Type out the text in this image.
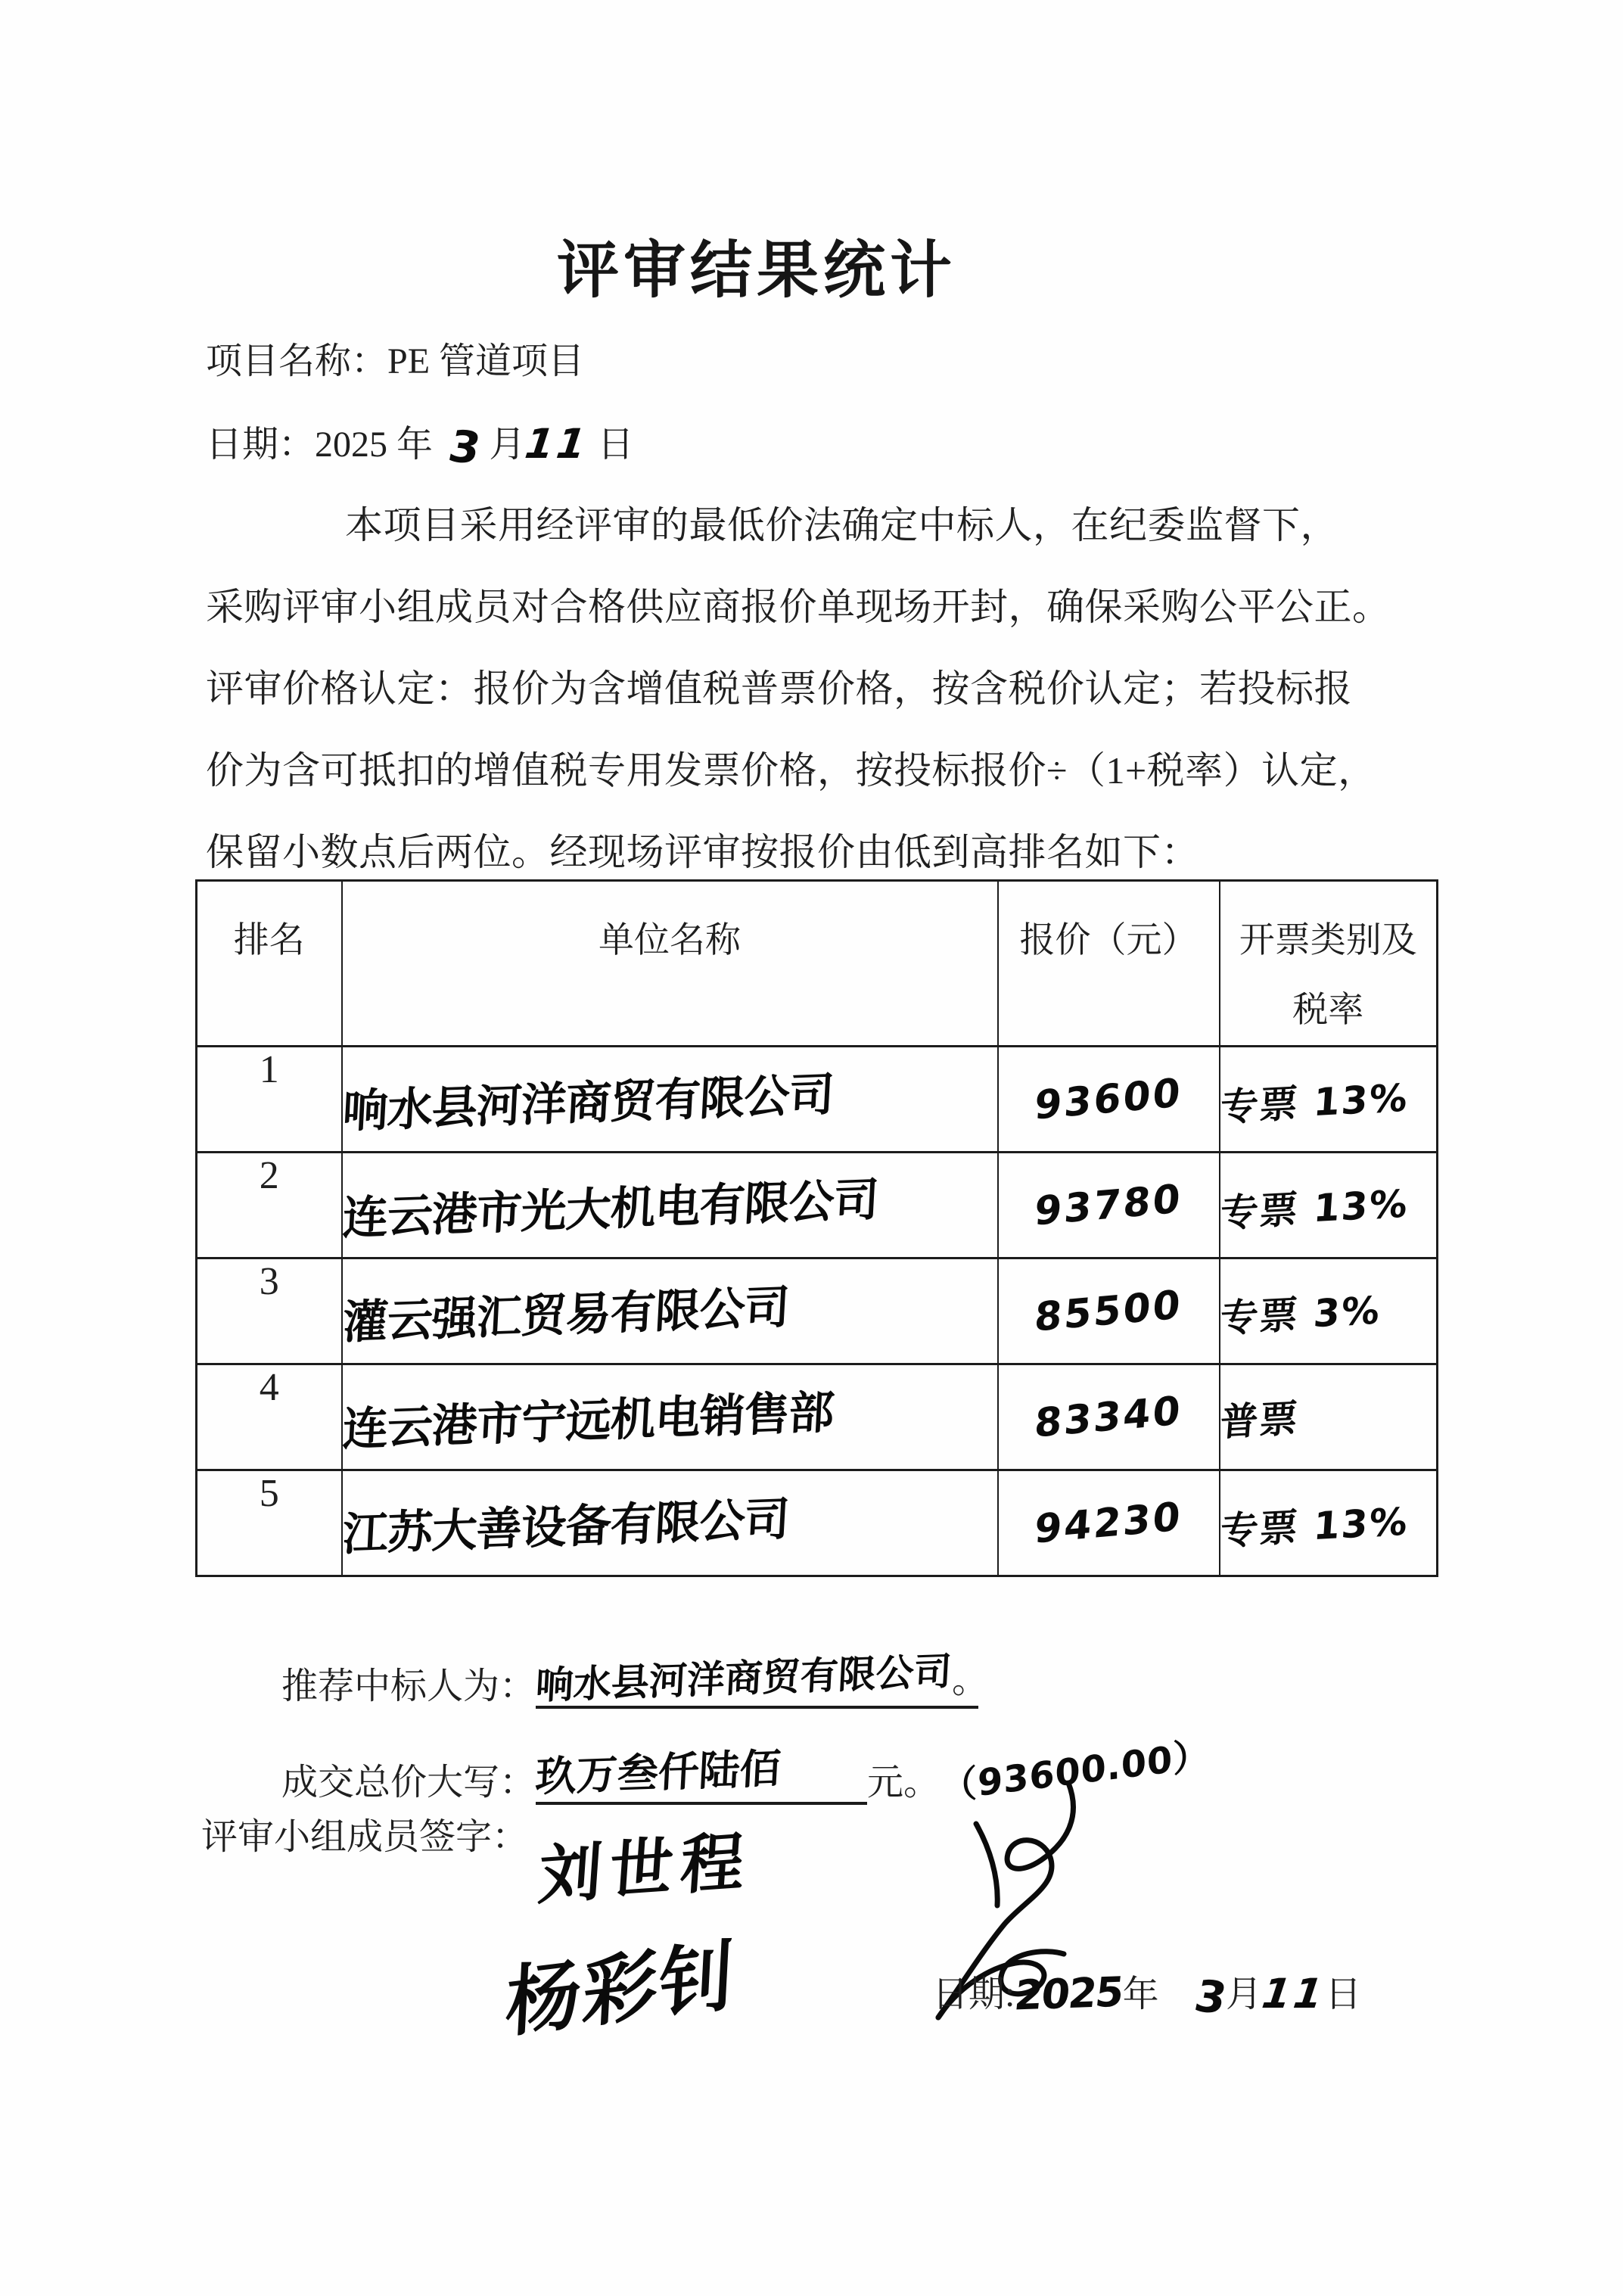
评审结果统计
项目名称：PE 管道项目
日期：2025 年 3 月11 日
本项目采用经评审的最低价法确定中标人，在纪委监督下，
采购评审小组成员对合格供应商报价单现场开封，确保采购公平公正。
评审价格认定：报价为含增值税普票价格，按含税价认定；若投标报
价为含可抵扣的增值税专用发票价格，按投标报价÷（1+税率）认定，
保留小数点后两位。经现场评审按报价由低到高排名如下：
排名	单位名称	报价（元）	开票类别及税率
1	响水县河洋商贸有限公司	93600	专票 13%
2	连云港市光大机电有限公司	93780	专票 13%
3	灌云强汇贸易有限公司	85500	专票 3%
4	连云港市宁远机电销售部	83340	普票
5	江苏大善设备有限公司	94230	专票 13%
推荐中标人为：
响水县河洋商贸有限公司
。
成交总价大写：玖万叁仟陆佰 元。（93600.00）
评审小组成员签字： 刘世程
杨彩钊	日期:2025年 3月11日
